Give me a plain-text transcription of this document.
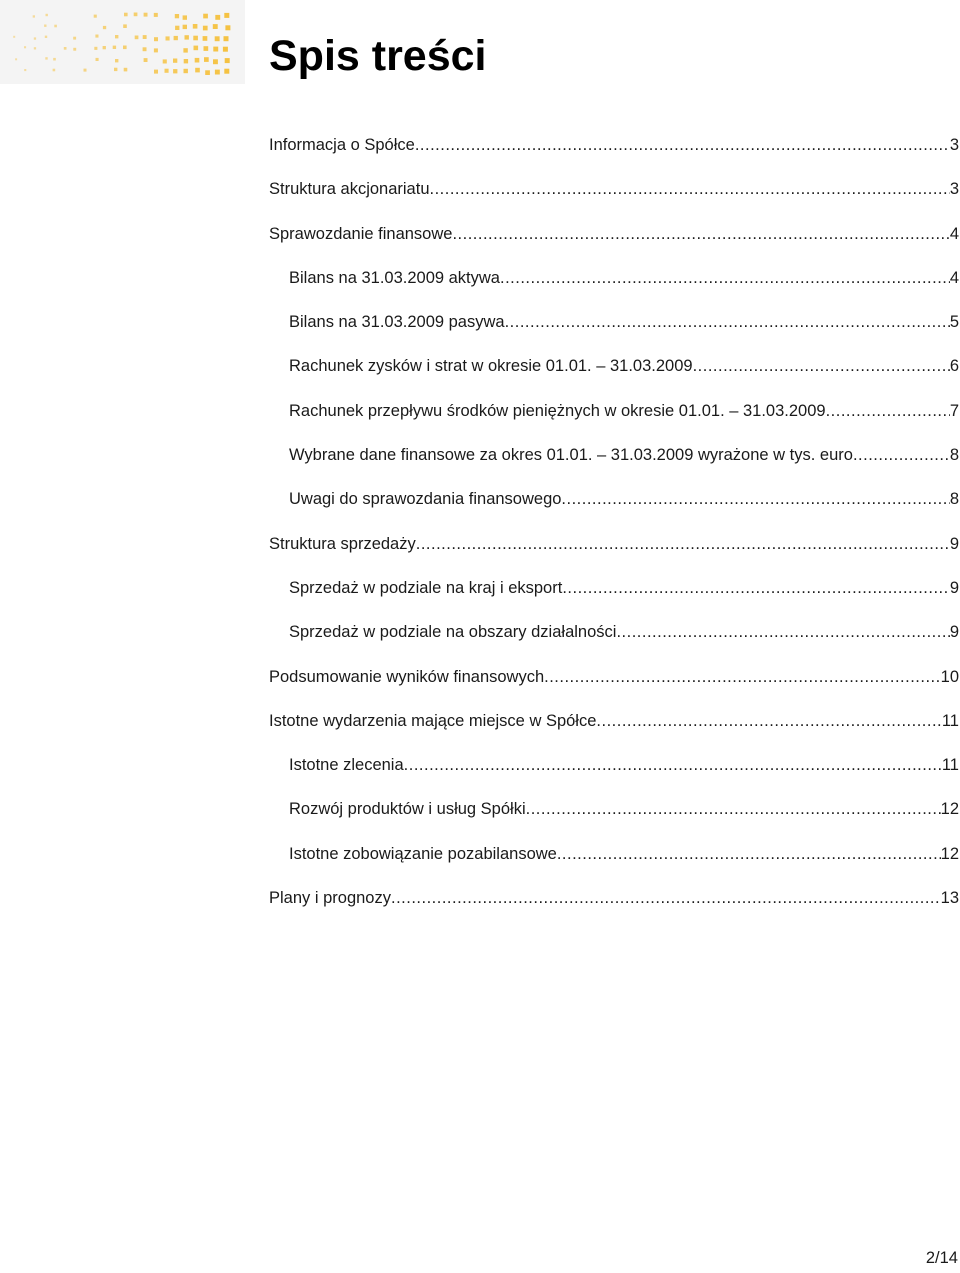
Spis treści
Informacja o Spółce .....	3
Struktura akcjonariatu .....	3
Sprawozdanie finansowe .....	4
Bilans na 31.03.2009 aktywa .....	4
Bilans na 31.03.2009 pasywa .....	5
Rachunek zysków i strat w okresie 01.01. – 31.03.2009 .....	6
Rachunek przepływu środków pieniężnych w okresie 01.01. – 31.03.2009 .....	7
Wybrane dane finansowe za okres 01.01. – 31.03.2009 wyrażone w tys. euro .....	8
Uwagi do sprawozdania finansowego .....	8
Struktura sprzedaży .....	9
Sprzedaż w podziale na kraj i eksport .....	9
Sprzedaż w podziale na obszary działalności .....	9
Podsumowanie wyników finansowych .....	10
Istotne wydarzenia mające miejsce w Spółce .....	11
Istotne zlecenia .....	11
Rozwój produktów i usług Spółki .....	12
Istotne zobowiązanie pozabilansowe .....	12
Plany i prognozy .....	13
2/14
